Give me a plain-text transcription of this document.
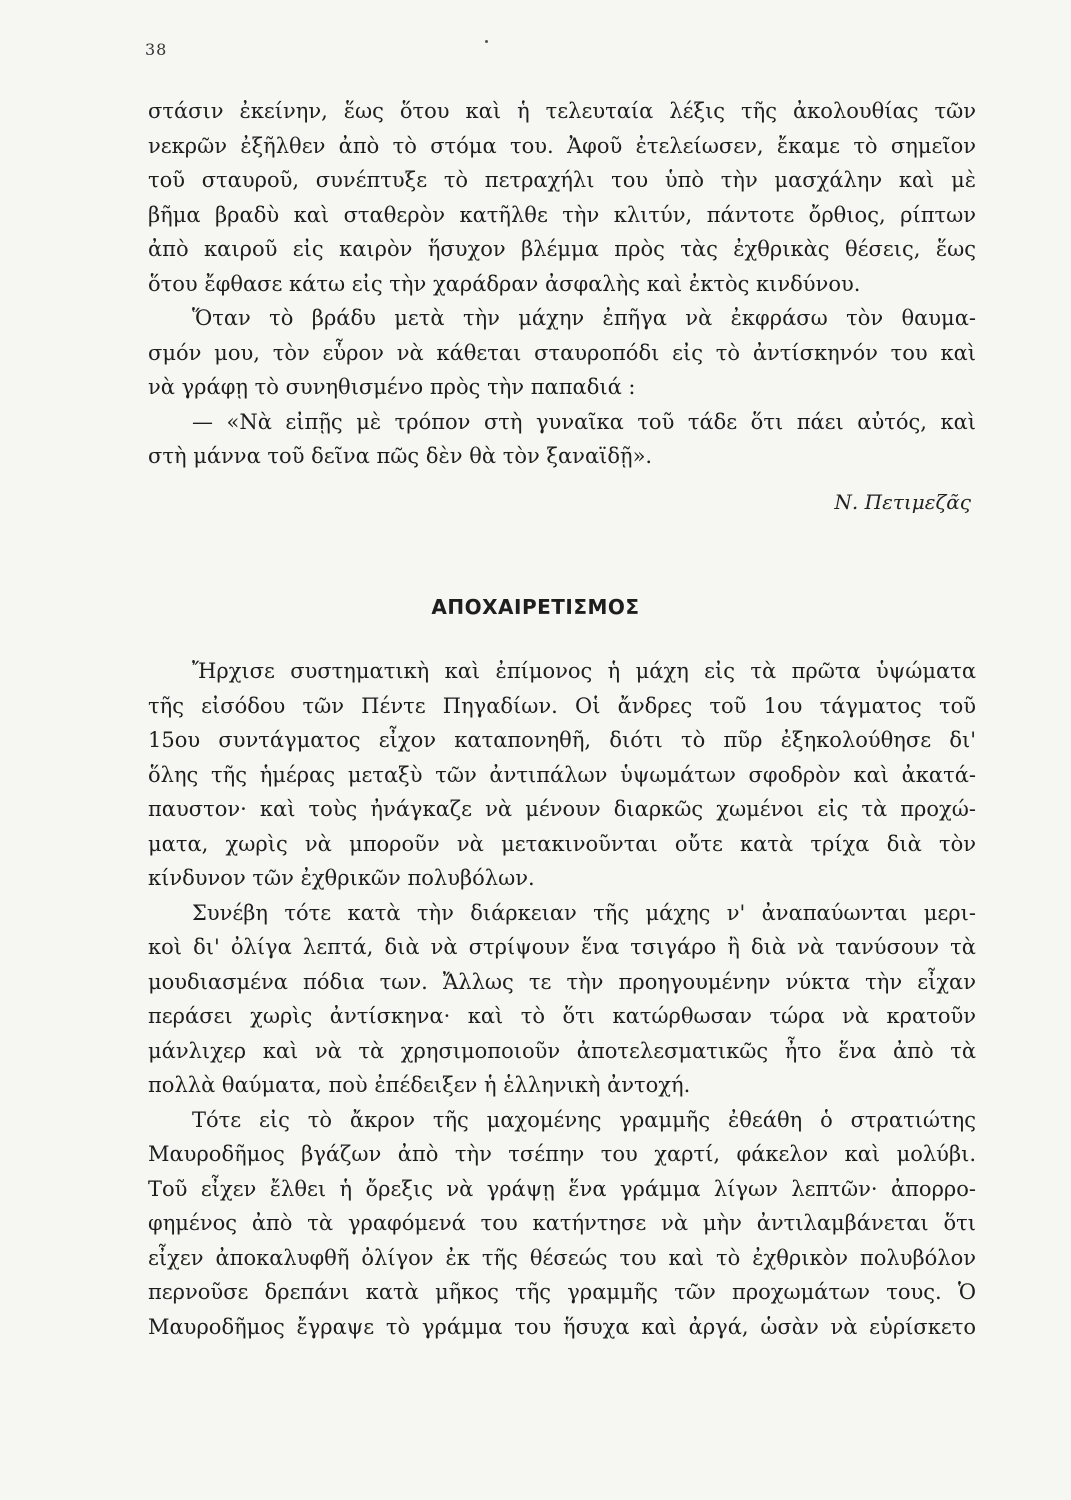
38
στάσιν ἐκείνην, ἕως ὅτου καὶ ἡ τελευταία λέξις τῆς ἀκολουθίας τῶν
νεκρῶν ἐξῆλθεν ἀπὸ τὸ στόμα του. Ἀφοῦ ἐτελείωσεν, ἔκαμε τὸ σημεῖον
τοῦ σταυροῦ, συνέπτυξε τὸ πετραχήλι του ὑπὸ τὴν μασχάλην καὶ μὲ
βῆμα βραδὺ καὶ σταθερὸν κατῆλθε τὴν κλιτύν, πάντοτε ὄρθιος, ρίπτων
ἀπὸ καιροῦ εἰς καιρὸν ἥσυχον βλέμμα πρὸς τὰς ἐχθρικὰς θέσεις, ἕως
ὅτου ἔφθασε κάτω εἰς τὴν χαράδραν ἀσφαλὴς καὶ ἐκτὸς κινδύνου.
Ὅταν τὸ βράδυ μετὰ τὴν μάχην ἐπῆγα νὰ ἐκφράσω τὸν θαυμα-
σμόν μου, τὸν εὗρον νὰ κάθεται σταυροπόδι εἰς τὸ ἀντίσκηνόν του καὶ
νὰ γράφῃ τὸ συνηθισμένο πρὸς τὴν παπαδιά :
— «Νὰ εἰπῇς μὲ τρόπον στὴ γυναῖκα τοῦ τάδε ὅτι πάει αὐτός, καὶ
στὴ μάννα τοῦ δεῖνα πῶς δὲν θὰ τὸν ξαναϊδῇ».
Ν. Πετιμεζᾶς
ΑΠΟΧΑΙΡΕΤΙΣΜΟΣ
Ἤρχισε συστηματικὴ καὶ ἐπίμονος ἡ μάχη εἰς τὰ πρῶτα ὑψώματα
τῆς εἰσόδου τῶν Πέντε Πηγαδίων. Οἱ ἄνδρες τοῦ 1ου τάγματος τοῦ
15ου συντάγματος εἶχον καταπονηθῆ, διότι τὸ πῦρ ἐξηκολούθησε δι'
ὅλης τῆς ἡμέρας μεταξὺ τῶν ἀντιπάλων ὑψωμάτων σφοδρὸν καὶ ἀκατά-
παυστον· καὶ τοὺς ἠνάγκαζε νὰ μένουν διαρκῶς χωμένοι εἰς τὰ προχώ-
ματα, χωρὶς νὰ μποροῦν νὰ μετακινοῦνται οὔτε κατὰ τρίχα διὰ τὸν
κίνδυνον τῶν ἐχθρικῶν πολυβόλων.
Συνέβη τότε κατὰ τὴν διάρκειαν τῆς μάχης ν' ἀναπαύωνται μερι-
κοὶ δι' ὀλίγα λεπτά, διὰ νὰ στρίψουν ἕνα τσιγάρο ἢ διὰ νὰ τανύσουν τὰ
μουδιασμένα πόδια των. Ἄλλως τε τὴν προηγουμένην νύκτα τὴν εἶχαν
περάσει χωρὶς ἀντίσκηνα· καὶ τὸ ὅτι κατώρθωσαν τώρα νὰ κρατοῦν
μάνλιχερ καὶ νὰ τὰ χρησιμοποιοῦν ἀποτελεσματικῶς ἦτο ἕνα ἀπὸ τὰ
πολλὰ θαύματα, ποὺ ἐπέδειξεν ἡ ἑλληνικὴ ἀντοχή.
Τότε εἰς τὸ ἄκρον τῆς μαχομένης γραμμῆς ἐθεάθη ὁ στρατιώτης
Μαυροδῆμος βγάζων ἀπὸ τὴν τσέπην του χαρτί, φάκελον καὶ μολύβι.
Τοῦ εἶχεν ἔλθει ἡ ὄρεξις νὰ γράψῃ ἕνα γράμμα λίγων λεπτῶν· ἀπορρο-
φημένος ἀπὸ τὰ γραφόμενά του κατήντησε νὰ μὴν ἀντιλαμβάνεται ὅτι
εἶχεν ἀποκαλυφθῆ ὀλίγον ἐκ τῆς θέσεώς του καὶ τὸ ἐχθρικὸν πολυβόλον
περνοῦσε δρεπάνι κατὰ μῆκος τῆς γραμμῆς τῶν προχωμάτων τους. Ὁ
Μαυροδῆμος ἔγραψε τὸ γράμμα του ἥσυχα καὶ ἀργά, ὡσὰν νὰ εὑρίσκετο
